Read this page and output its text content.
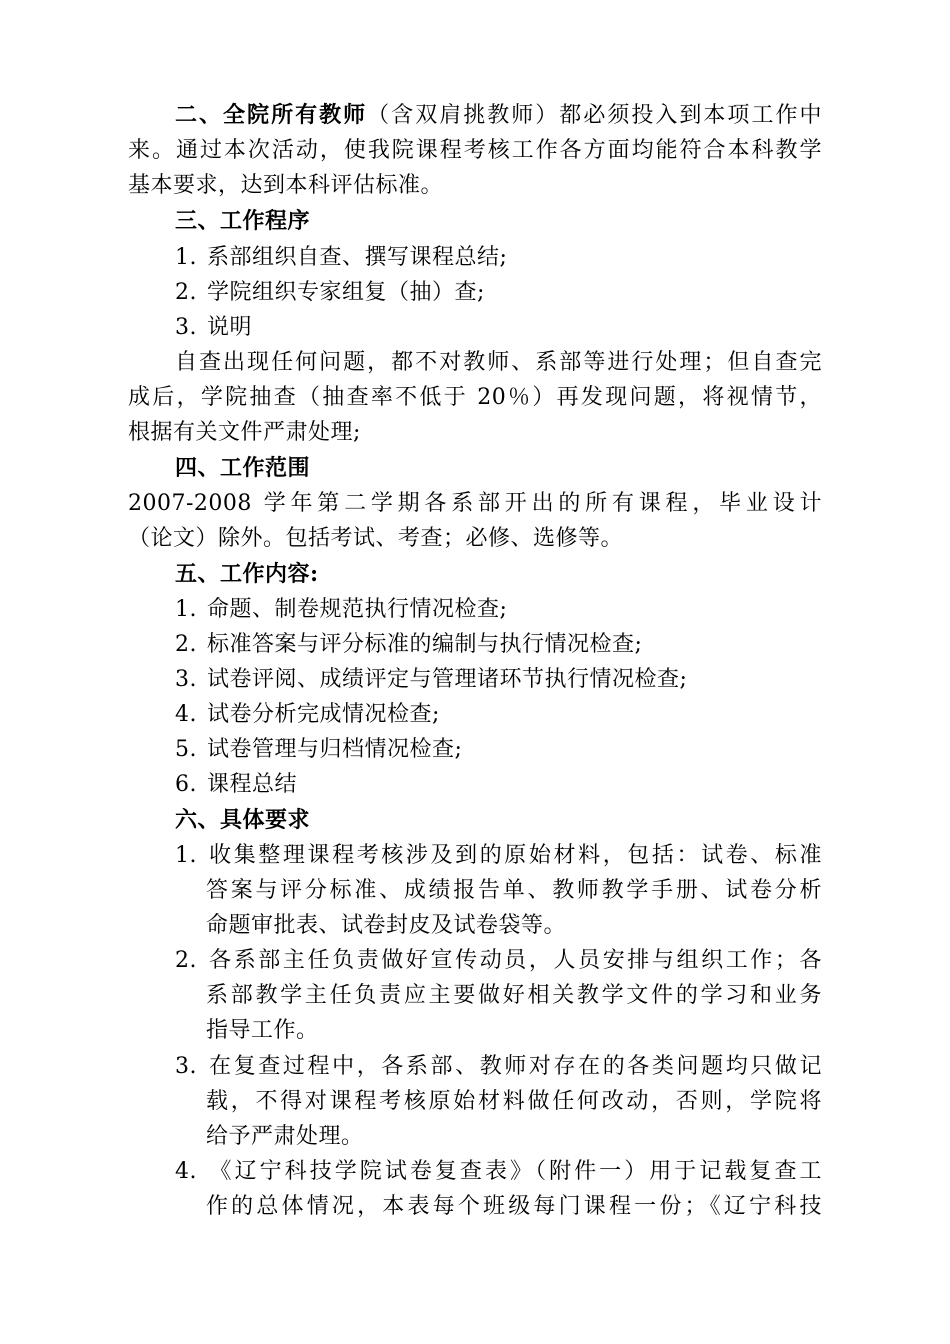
二、全院所有教师（含双肩挑教师）都必须投入到本项工作中
来。通过本次活动，使我院课程考核工作各方面均能符合本科教学
基本要求，达到本科评估标准。
三、工作程序
1. 系部组织自查、撰写课程总结;
2. 学院组织专家组复（抽）查;
3. 说明
自查出现任何问题，都不对教师、系部等进行处理；但自查完
成后，学院抽查（抽查率不低于 20％）再发现问题，将视情节，
根据有关文件严肃处理;
四、工作范围
2007-2008 学年第二学期各系部开出的所有课程，毕业设计
（论文）除外。包括考试、考查；必修、选修等。
五、工作内容:
1. 命题、制卷规范执行情况检查;
2. 标准答案与评分标准的编制与执行情况检查;
3. 试卷评阅、成绩评定与管理诸环节执行情况检查;
4. 试卷分析完成情况检查;
5. 试卷管理与归档情况检查;
6. 课程总结
六、具体要求
1. 收集整理课程考核涉及到的原始材料，包括：试卷、标准
答案与评分标准、成绩报告单、教师教学手册、试卷分析
命题审批表、试卷封皮及试卷袋等。
2. 各系部主任负责做好宣传动员，人员安排与组织工作；各
系部教学主任负责应主要做好相关教学文件的学习和业务
指导工作。
3. 在复查过程中，各系部、教师对存在的各类问题均只做记
载，不得对课程考核原始材料做任何改动，否则，学院将
给予严肃处理。
4. 《辽宁科技学院试卷复查表》（附件一）用于记载复查工
作的总体情况，本表每个班级每门课程一份；《辽宁科技
